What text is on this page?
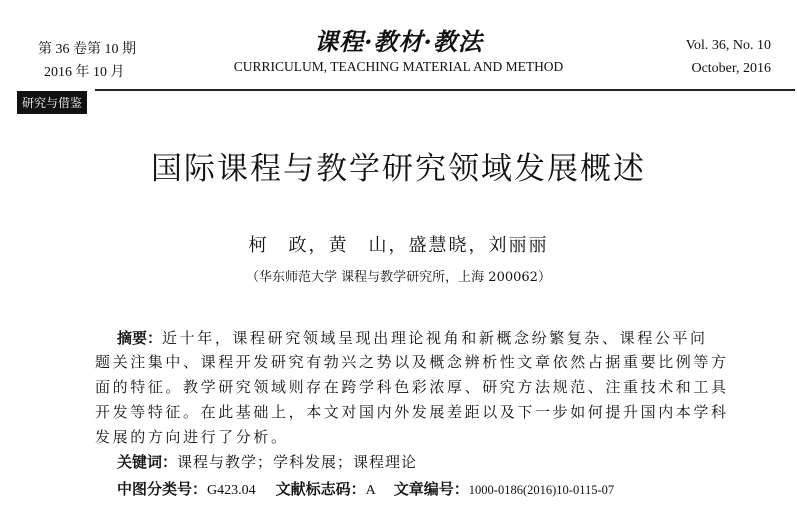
第 36 卷第 10 期
2016 年 10 月
课程·教材·教法
CURRICULUM, TEACHING MATERIAL AND METHOD
Vol. 36, No. 10
October, 2016
研究与借鉴
国际课程与教学研究领域发展概述
柯　政，黄　山，盛慧晓，刘丽丽
（华东师范大学 课程与教学研究所，上海 200062）
摘要：近十年，课程研究领域呈现出理论视角和新概念纷繁复杂、课程公平问
题关注集中、课程开发研究有勃兴之势以及概念辨析性文章依然占据重要比例等方
面的特征。教学研究领域则存在跨学科色彩浓厚、研究方法规范、注重技术和工具
开发等特征。在此基础上，本文对国内外发展差距以及下一步如何提升国内本学科
发展的方向进行了分析。
关键词：课程与教学；学科发展；课程理论
中图分类号：G423.04 文献标志码：A 文章编号：1000-0186(2016)10-0115-07
